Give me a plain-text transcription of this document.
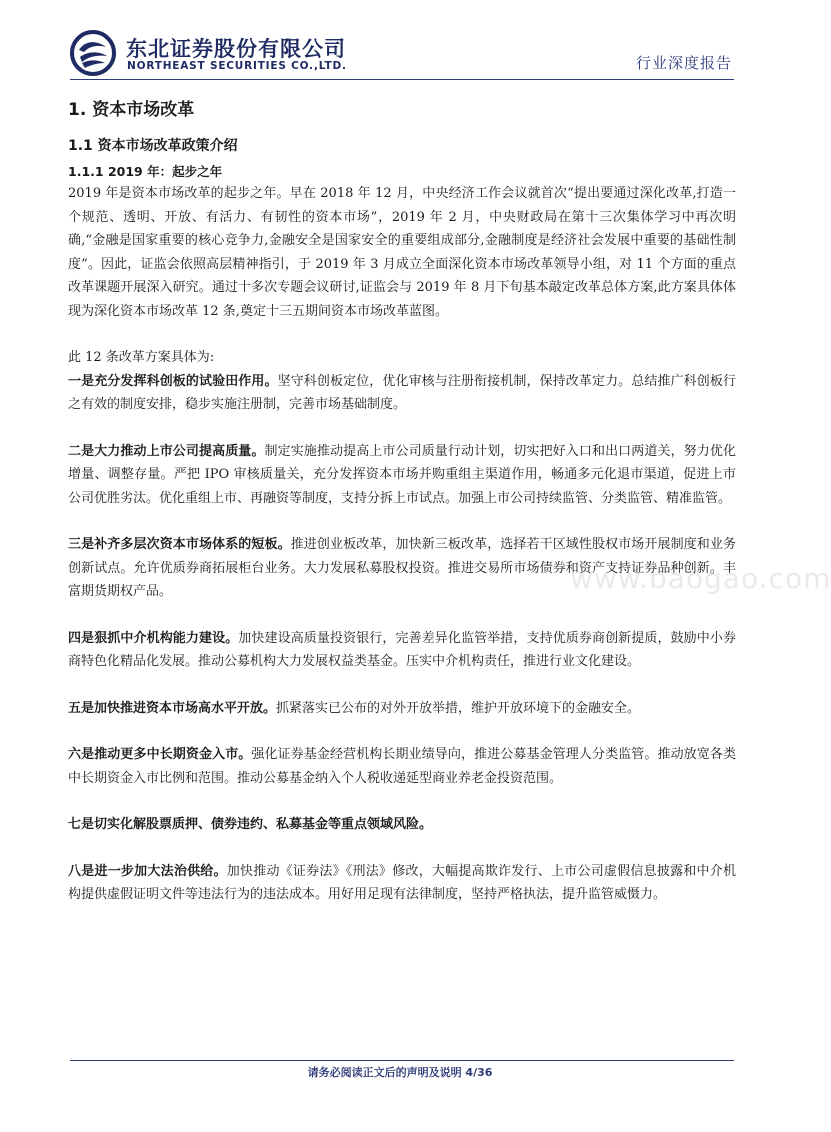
东北证券股份有限公司
NORTHEAST SECURITIES CO.,LTD.	行业深度报告
1. 资本市场改革
1.1 资本市场改革政策介绍
1.1.1 2019 年：起步之年

2019 年是资本市场改革的起步之年。早在 2018 年 12 月，中央经济工作会议就首次“提出要通过深化改革,打造一个规范、透明、开放、有活力、有韧性的资本市场”，2019 年 2 月，中央财政局在第十三次集体学习中再次明确,“金融是国家重要的核心竞争力,金融安全是国家安全的重要组成部分,金融制度是经济社会发展中重要的基础性制度”。因此，证监会依照高层精神指引，于 2019 年 3 月成立全面深化资本市场改革领导小组，对 11 个方面的重点改革课题开展深入研究。通过十多次专题会议研讨,证监会与 2019 年 8 月下旬基本敲定改革总体方案,此方案具体体现为深化资本市场改革 12 条,奠定十三五期间资本市场改革蓝图。

此 12 条改革方案具体为:

一是充分发挥科创板的试验田作用。坚守科创板定位，优化审核与注册衔接机制，保持改革定力。总结推广科创板行之有效的制度安排，稳步实施注册制，完善市场基础制度。

二是大力推动上市公司提高质量。制定实施推动提高上市公司质量行动计划，切实把好入口和出口两道关，努力优化增量、调整存量。严把 IPO 审核质量关，充分发挥资本市场并购重组主渠道作用，畅通多元化退市渠道，促进上市公司优胜劣汰。优化重组上市、再融资等制度，支持分拆上市试点。加强上市公司持续监管、分类监管、精准监管。

三是补齐多层次资本市场体系的短板。推进创业板改革，加快新三板改革，选择若干区域性股权市场开展制度和业务创新试点。允许优质券商拓展柜台业务。大力发展私募股权投资。推进交易所市场债券和资产支持证券品种创新。丰富期货期权产品。

四是狠抓中介机构能力建设。加快建设高质量投资银行，完善差异化监管举措，支持优质券商创新提质，鼓励中小券商特色化精品化发展。推动公募机构大力发展权益类基金。压实中介机构责任，推进行业文化建设。

五是加快推进资本市场高水平开放。抓紧落实已公布的对外开放举措，维护开放环境下的金融安全。

六是推动更多中长期资金入市。强化证券基金经营机构长期业绩导向，推进公募基金管理人分类监管。推动放宽各类中长期资金入市比例和范围。推动公募基金纳入个人税收递延型商业养老金投资范围。

七是切实化解股票质押、债券违约、私募基金等重点领域风险。

八是进一步加大法治供给。加快推动《证券法》《刑法》修改，大幅提高欺诈发行、上市公司虚假信息披露和中介机构提供虚假证明文件等违法行为的违法成本。用好用足现有法律制度，坚持严格执法，提升监管威慑力。

www.baogao.com
请务必阅读正文后的声明及说明 4/36
